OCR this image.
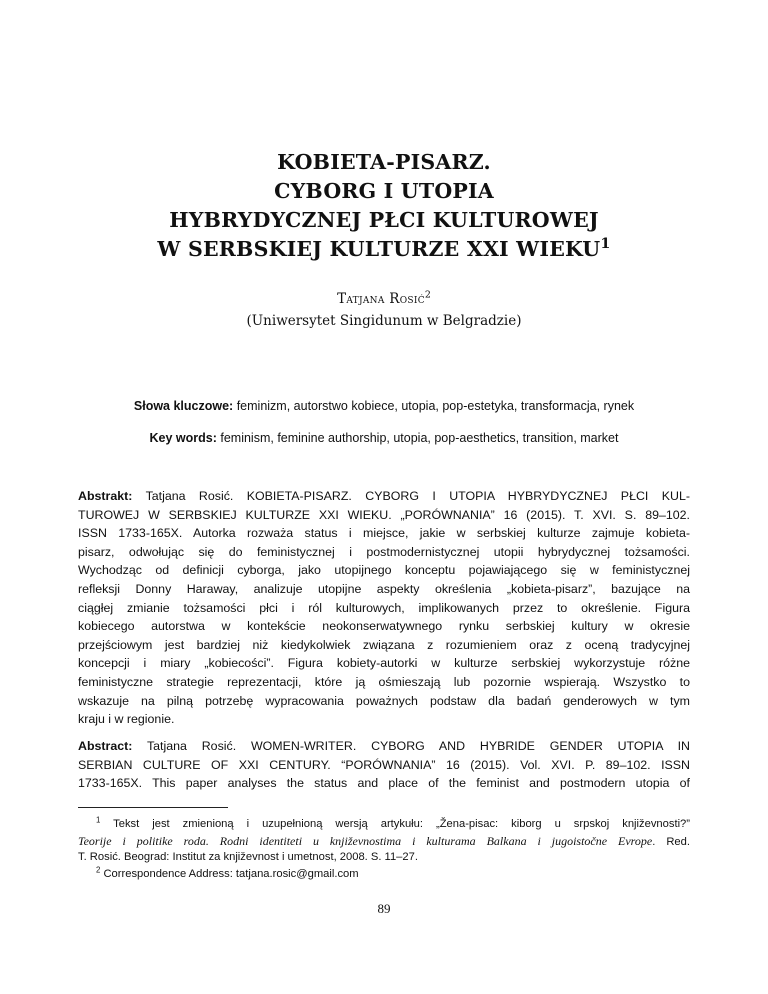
KOBIETA-PISARZ.
CYBORG I UTOPIA
HYBRYDYCZNEJ PŁCI KULTUROWEJ
W SERBSKIEJ KULTURZE XXI WIEKU$^1$
Tatjana Rosić$^2$
(Uniwersytet Singidunum w Belgradzie)
Słowa kluczowe: feminizm, autorstwo kobiece, utopia, pop-estetyka, transformacja, rynek
Key words: feminism, feminine authorship, utopia, pop-aesthetics, transition, market
Abstrakt: Tatjana Rosić. KOBIETA-PISARZ. CYBORG I UTOPIA HYBRYDYCZNEJ PŁCI KUL-
TUROWEJ W SERBSKIEJ KULTURZE XXI WIEKU. „PORÓWNANIA” 16 (2015). T. XVI. S. 89–102.
ISSN 1733-165X. Autorka rozważa status i miejsce, jakie w serbskiej kulturze zajmuje kobieta-
pisarz, odwołując się do feministycznej i postmodernistycznej utopii hybrydycznej tożsamości.
Wychodząc od definicji cyborga, jako utopijnego konceptu pojawiającego się w feministycznej
refleksji Donny Haraway, analizuje utopijne aspekty określenia „kobieta-pisarz”, bazujące na
ciągłej zmianie tożsamości płci i ról kulturowych, implikowanych przez to określenie. Figura
kobiecego autorstwa w kontekście neokonserwatywnego rynku serbskiej kultury w okresie
przejściowym jest bardziej niż kiedykolwiek związana z rozumieniem oraz z oceną tradycyjnej
koncepcji i miary „kobiecości”. Figura kobiety-autorki w kulturze serbskiej wykorzystuje różne
feministyczne strategie reprezentacji, które ją ośmieszają lub pozornie wspierają. Wszystko to
wskazuje na pilną potrzebę wypracowania poważnych podstaw dla badań genderowych w tym
kraju i w regionie.
Abstract: Tatjana Rosić. WOMEN-WRITER. CYBORG AND HYBRIDE GENDER UTOPIA IN
SERBIAN CULTURE OF XXI CENTURY. “PORÓWNANIA” 16 (2015). Vol. XVI. P. 89–102. ISSN
1733-165X. This paper analyses the status and place of the feminist and postmodern utopia of
$^1$ Tekst jest zmienioną i uzupełnioną wersją artykułu: „Žena-pisac: kiborg u srpskoj književnosti?”
Teorije i politike roda. Rodni identiteti u književnostima i kulturama Balkana i jugoistočne Evrope. Red.
T. Rosić. Beograd: Institut za književnost i umetnost, 2008. S. 11–27.
$^2$ Correspondence Address: tatjana.rosic@gmail.com
89
